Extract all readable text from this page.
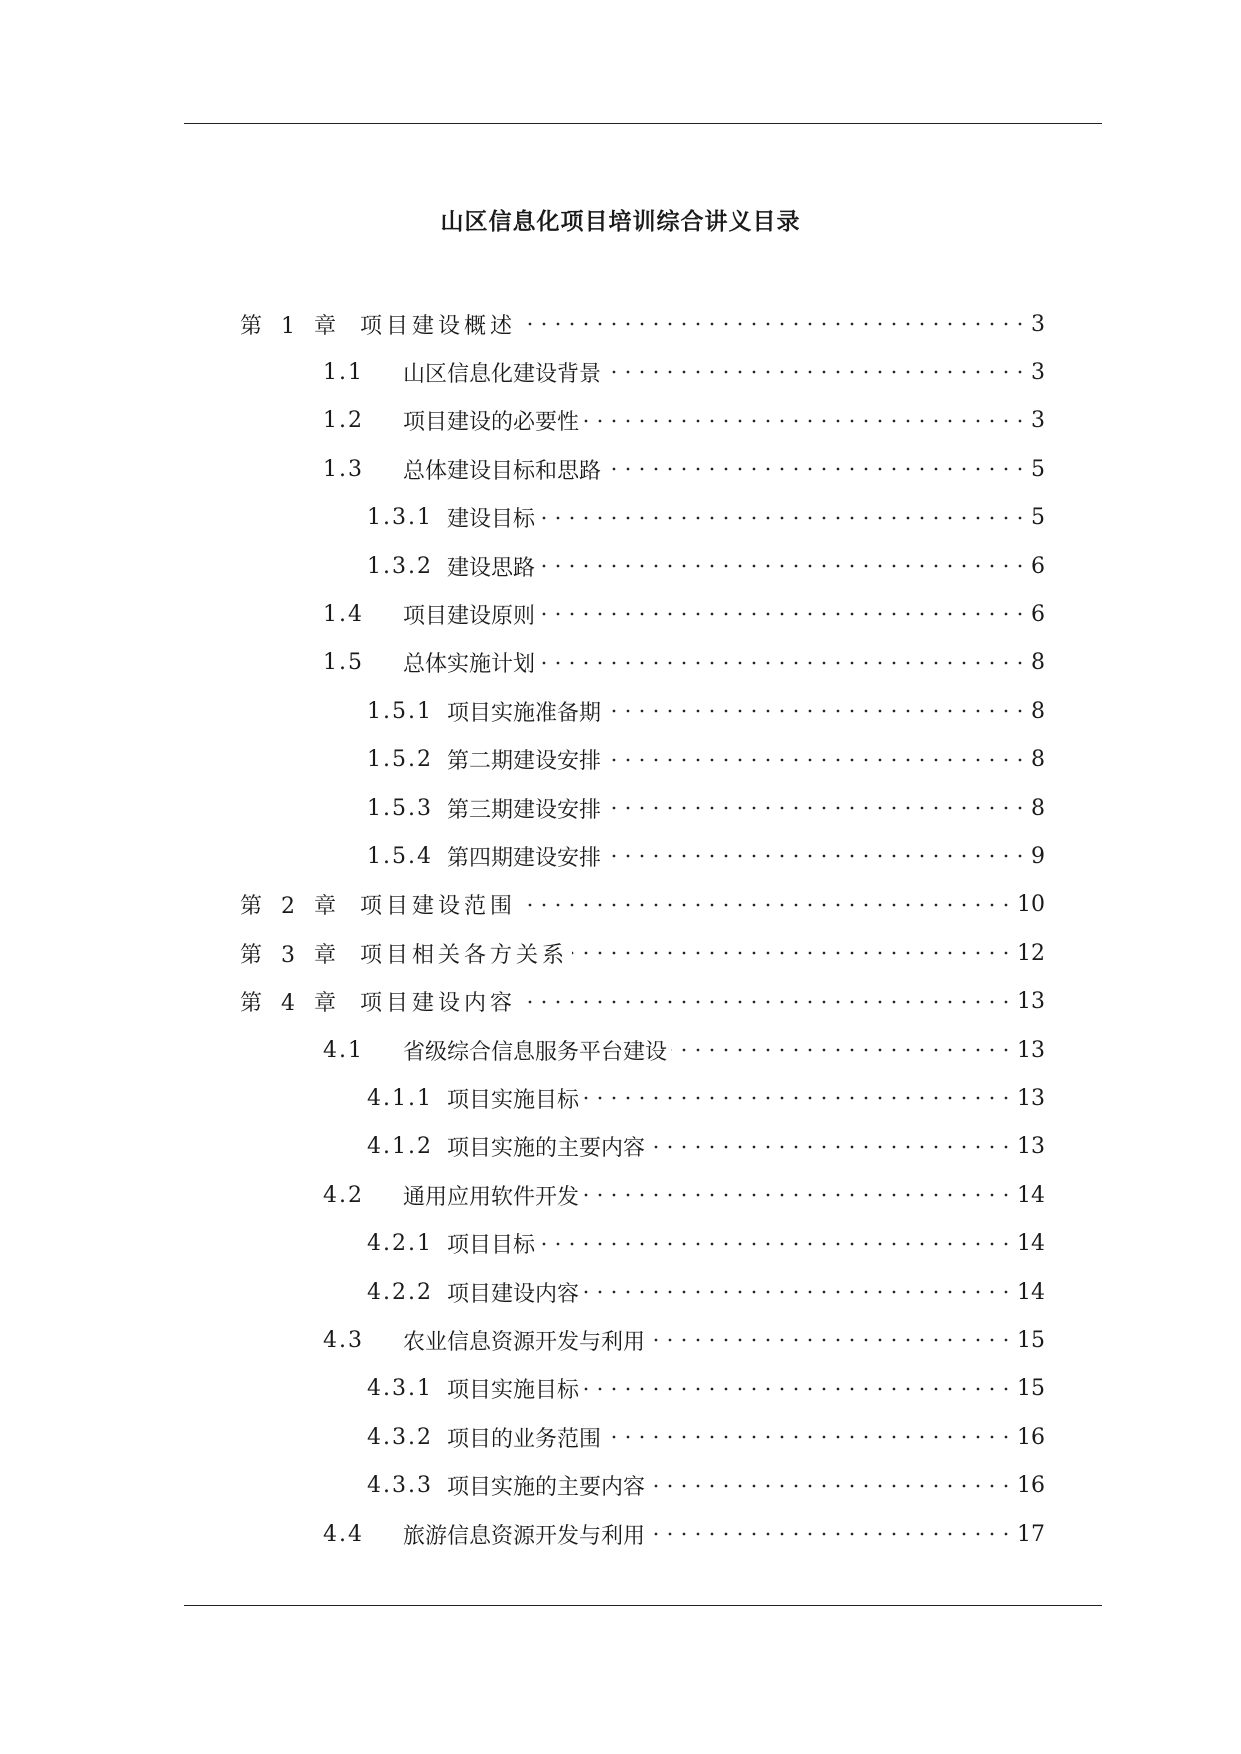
山区信息化项目培训综合讲义目录
第 1 章 项目建设概述	3
1.1	山区信息化建设背景	3
1.2	项目建设的必要性	3
1.3	总体建设目标和思路	5
1.3.1 建设目标	5
1.3.2 建设思路	6
1.4	项目建设原则	6
1.5	总体实施计划	8
1.5.1 项目实施准备期	8
1.5.2 第二期建设安排	8
1.5.3 第三期建设安排	8
1.5.4 第四期建设安排	9
第 2 章 项目建设范围	10
第 3 章 项目相关各方关系	12
第 4 章 项目建设内容	13
4.1	省级综合信息服务平台建设	13
4.1.1 项目实施目标	13
4.1.2 项目实施的主要内容	13
4.2	通用应用软件开发	14
4.2.1 项目目标	14
4.2.2 项目建设内容	14
4.3	农业信息资源开发与利用	15
4.3.1 项目实施目标	15
4.3.2 项目的业务范围	16
4.3.3 项目实施的主要内容	16
4.4	旅游信息资源开发与利用	17
